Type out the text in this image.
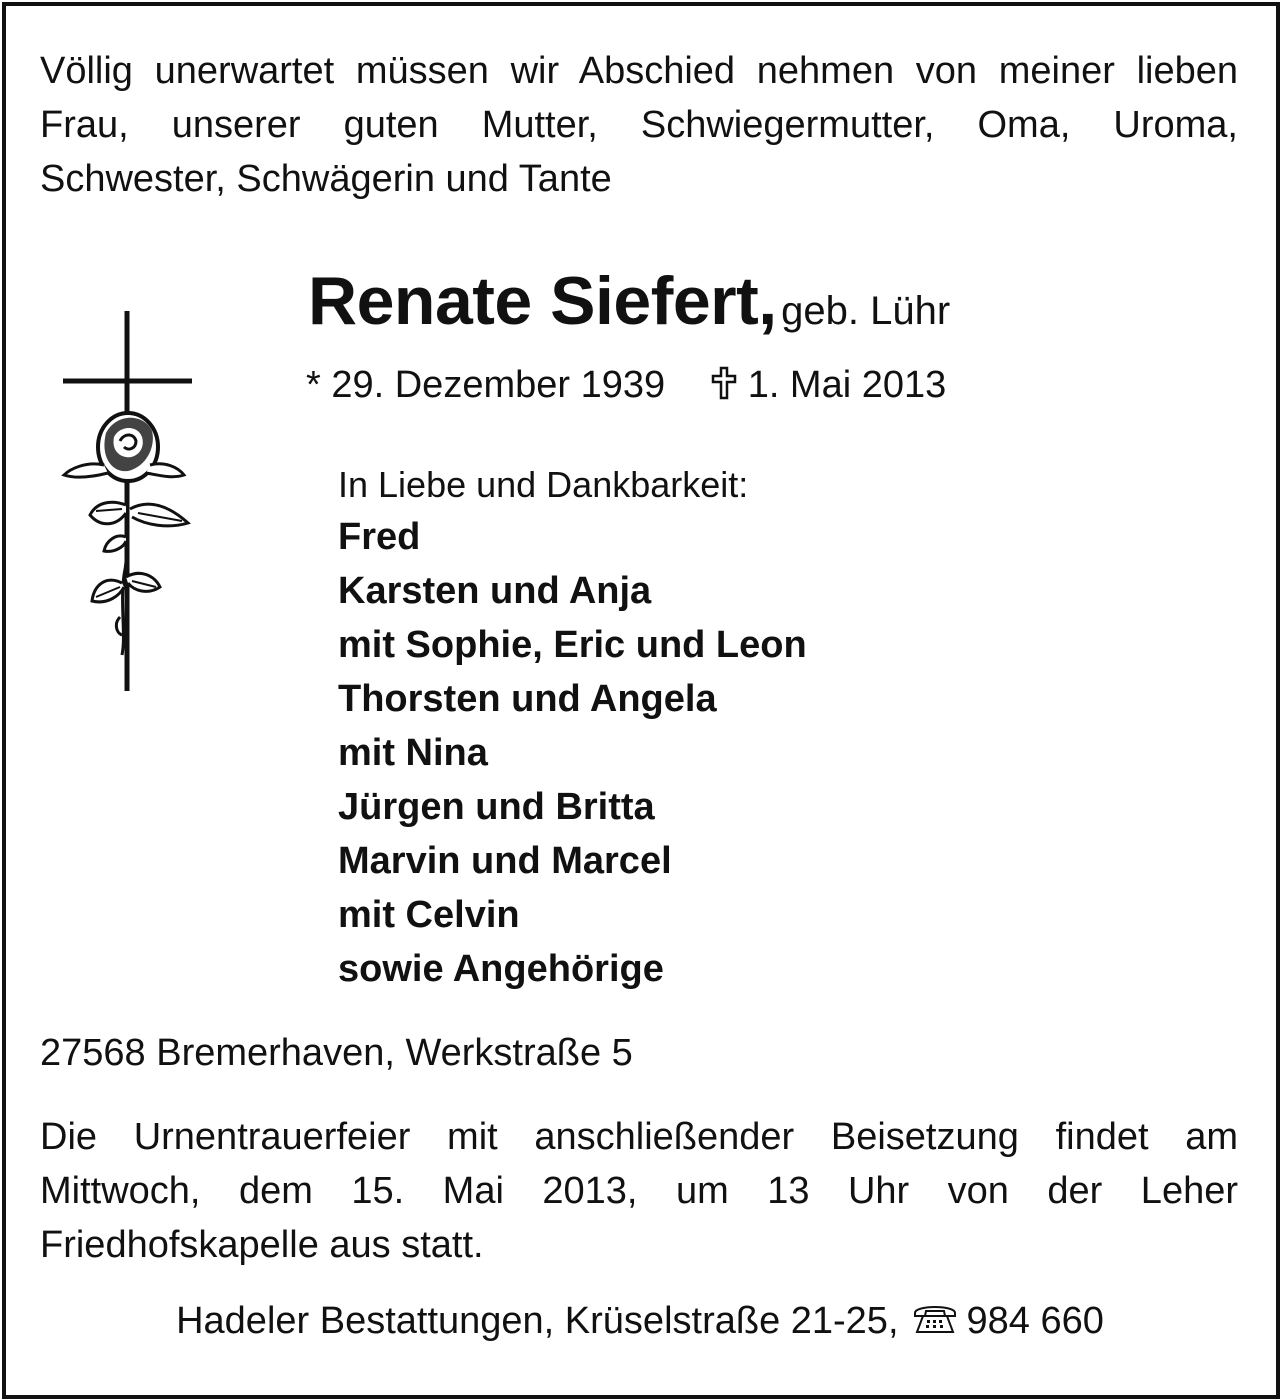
Völlig unerwartet müssen wir Abschied nehmen von meiner lieben Frau, unserer guten Mutter, Schwiegermutter, Oma, Uroma, Schwester, Schwägerin und Tante

Renate Siefert, geb. Lühr
* 29. Dezember 1939 1. Mai 2013
In Liebe und Dankbarkeit:
Fred
Karsten und Anja
mit Sophie, Eric und Leon
Thorsten und Angela
mit Nina
Jürgen und Britta
Marvin und Marcel
mit Celvin
sowie Angehörige
27568 Bremerhaven, Werkstraße 5

Die Urnentrauerfeier mit anschließender Beisetzung findet am Mittwoch, dem 15. Mai 2013, um 13 Uhr von der Leher Friedhofskapelle aus statt.

Hadeler Bestattungen, Krüselstraße 21-25, 984 660
